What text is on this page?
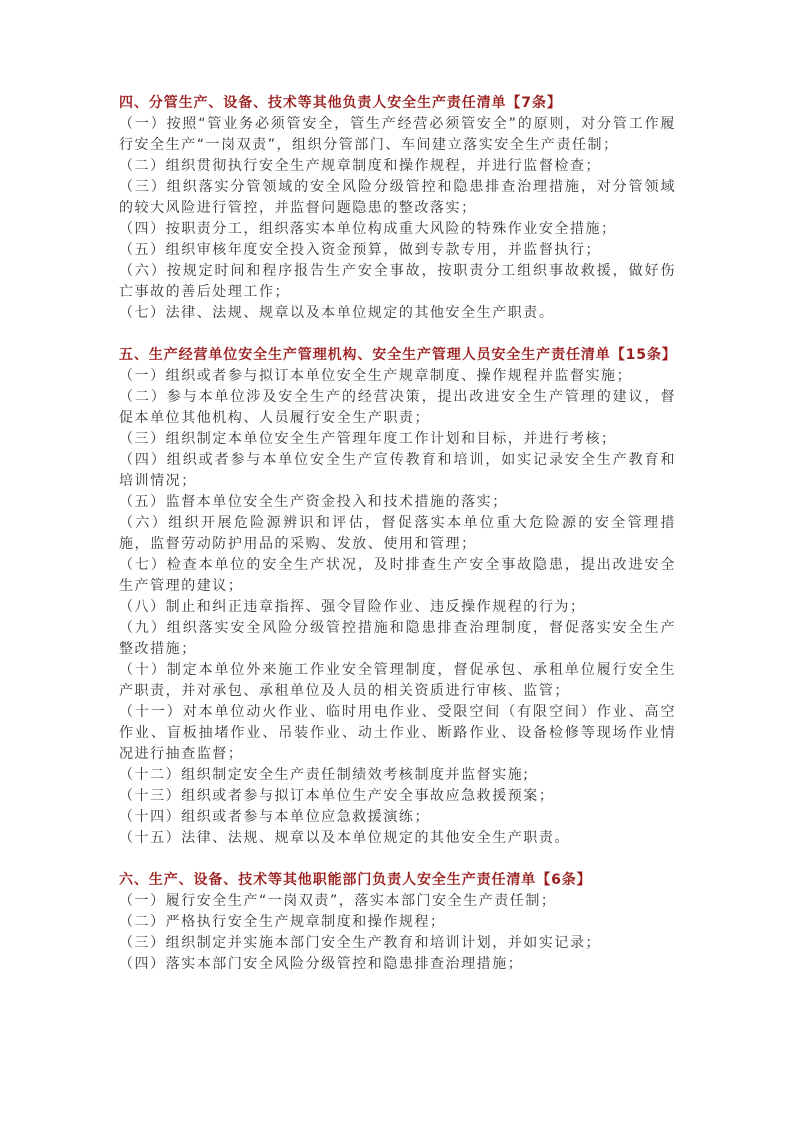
四、分管生产、设备、技术等其他负责人安全生产责任清单【7条】

（一）按照“管业务必须管安全，管生产经营必须管安全”的原则，对分管工作履行安全生产“一岗双责”，组织分管部门、车间建立落实安全生产责任制；

（二）组织贯彻执行安全生产规章制度和操作规程，并进行监督检查；

（三）组织落实分管领域的安全风险分级管控和隐患排查治理措施，对分管领域的较大风险进行管控，并监督问题隐患的整改落实；

（四）按职责分工，组织落实本单位构成重大风险的特殊作业安全措施；

（五）组织审核年度安全投入资金预算，做到专款专用，并监督执行；

（六）按规定时间和程序报告生产安全事故，按职责分工组织事故救援，做好伤亡事故的善后处理工作；

（七）法律、法规、规章以及本单位规定的其他安全生产职责。

五、生产经营单位安全生产管理机构、安全生产管理人员安全生产责任清单【15条】

（一）组织或者参与拟订本单位安全生产规章制度、操作规程并监督实施；

（二）参与本单位涉及安全生产的经营决策，提出改进安全生产管理的建议，督促本单位其他机构、人员履行安全生产职责；

（三）组织制定本单位安全生产管理年度工作计划和目标，并进行考核；

（四）组织或者参与本单位安全生产宣传教育和培训，如实记录安全生产教育和培训情况；

（五）监督本单位安全生产资金投入和技术措施的落实；

（六）组织开展危险源辨识和评估，督促落实本单位重大危险源的安全管理措施，监督劳动防护用品的采购、发放、使用和管理；

（七）检查本单位的安全生产状况，及时排查生产安全事故隐患，提出改进安全生产管理的建议；

（八）制止和纠正违章指挥、强令冒险作业、违反操作规程的行为；

（九）组织落实安全风险分级管控措施和隐患排查治理制度，督促落实安全生产整改措施；

（十）制定本单位外来施工作业安全管理制度，督促承包、承租单位履行安全生产职责，并对承包、承租单位及人员的相关资质进行审核、监管；

（十一）对本单位动火作业、临时用电作业、受限空间（有限空间）作业、高空作业、盲板抽堵作业、吊装作业、动土作业、断路作业、设备检修等现场作业情况进行抽查监督；

（十二）组织制定安全生产责任制绩效考核制度并监督实施;

（十三）组织或者参与拟订本单位生产安全事故应急救援预案；

（十四）组织或者参与本单位应急救援演练；

（十五）法律、法规、规章以及本单位规定的其他安全生产职责。

六、生产、设备、技术等其他职能部门负责人安全生产责任清单【6条】

（一）履行安全生产“一岗双责”，落实本部门安全生产责任制；

（二）严格执行安全生产规章制度和操作规程；

（三）组织制定并实施本部门安全生产教育和培训计划，并如实记录；

（四）落实本部门安全风险分级管控和隐患排查治理措施；
